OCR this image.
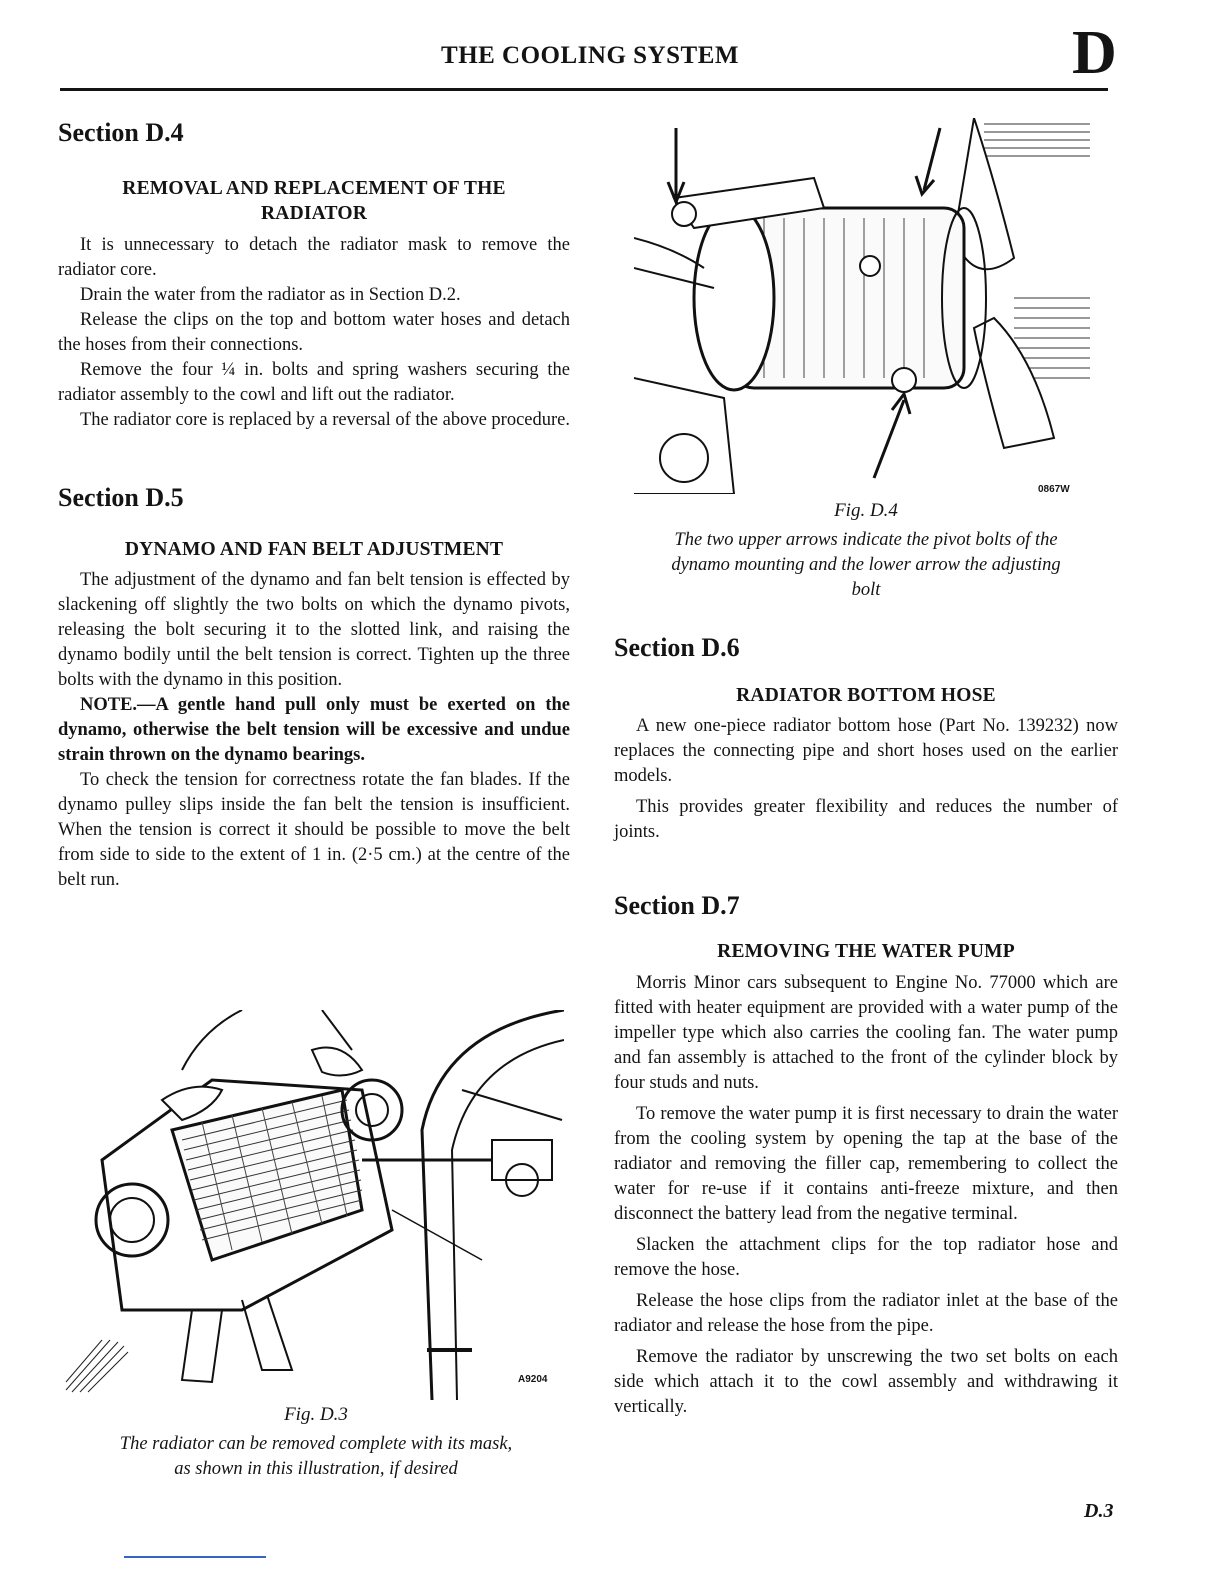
THE COOLING SYSTEM	D
Section D.4

REMOVAL AND REPLACEMENT OF THE

RADIATOR

It is unnecessary to detach the radiator mask to remove the radiator core.

Drain the water from the radiator as in Section D.2.

Release the clips on the top and bottom water hoses and detach the hoses from their connections.

Remove the four ¼ in. bolts and spring washers securing the radiator assembly to the cowl and lift out the radiator.

The radiator core is replaced by a reversal of the above procedure.

Section D.5

DYNAMO AND FAN BELT ADJUSTMENT

The adjustment of the dynamo and fan belt tension is effected by slackening off slightly the two bolts on which the dynamo pivots, releasing the bolt securing it to the slotted link, and raising the dynamo bodily until the belt tension is correct. Tighten up the three bolts with the dynamo in this position.

NOTE.—A gentle hand pull only must be exerted on the dynamo, otherwise the belt tension will be excessive and undue strain thrown on the dynamo bearings.

To check the tension for correctness rotate the fan blades. If the dynamo pulley slips inside the fan belt the tension is insufficient. When the tension is correct it should be possible to move the belt from side to side to the extent of 1 in. (2·5 cm.) at the centre of the belt run.

A9204

Fig. D.3

The radiator can be removed complete with its mask,

as shown in this illustration, if desired

0867W

Fig. D.4

The two upper arrows indicate the pivot bolts of the

dynamo mounting and the lower arrow the adjusting

bolt

Section D.6

RADIATOR BOTTOM HOSE

A new one-piece radiator bottom hose (Part No. 139232) now replaces the connecting pipe and short hoses used on the earlier models.

This provides greater flexibility and reduces the number of joints.

Section D.7

REMOVING THE WATER PUMP

Morris Minor cars subsequent to Engine No. 77000 which are fitted with heater equipment are provided with a water pump of the impeller type which also carries the cooling fan. The water pump and fan assembly is attached to the front of the cylinder block by four studs and nuts.

To remove the water pump it is first necessary to drain the water from the cooling system by opening the tap at the base of the radiator and removing the filler cap, remembering to collect the water for re-use if it contains anti-freeze mixture, and then disconnect the battery lead from the negative terminal.

Slacken the attachment clips for the top radiator hose and remove the hose.

Release the hose clips from the radiator inlet at the base of the radiator and release the hose from the pipe.

Remove the radiator by unscrewing the two set bolts on each side which attach it to the cowl assembly and withdrawing it vertically.

D.3
